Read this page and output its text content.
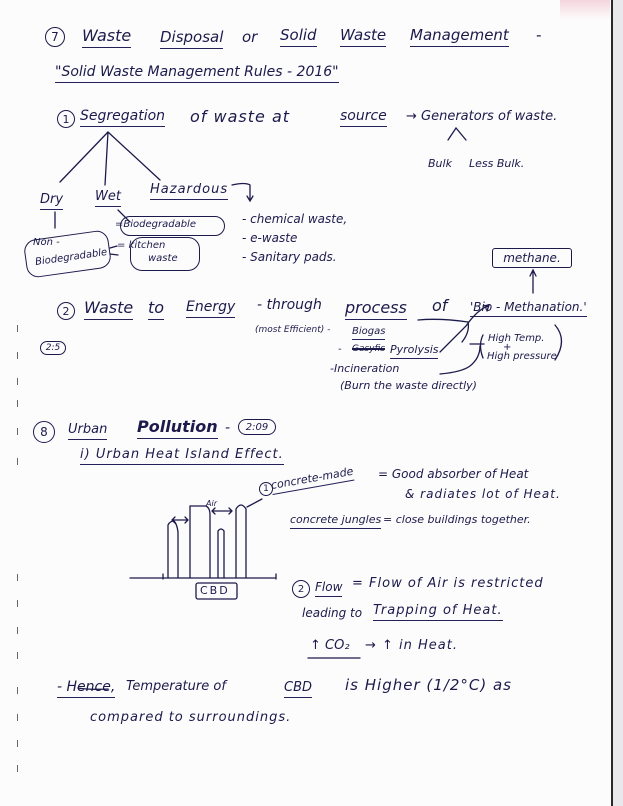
7	Waste Disposal or Solid Waste Management -
"Solid Waste Management Rules - 2016"
1 Segregation of waste at	source → Generators of waste.
Bulk Less Bulk.
Dry Wet Hazardous
Non -
Biodegradable
=Biodegradable
= kitchen
waste
- chemical waste,
- e-waste
- Sanitary pads.	methane.
2 Waste to Energy - through process of 'Bio - Methanation.'
2:5
(most Efficient) - Biogas
- Gasyfis Pyrolysis
-Incineration
(Burn the waste directly)
High Temp.
+
High pressure
8	Urban Pollution -	2:09
i) Urban Heat Island Effect.
1 concrete-made = Good absorber of Heat
& radiates lot of Heat.
concrete jungles = close buildings together.
Air
CBD	2 Flow = Flow of Air is restricted
leading to Trapping of Heat.
↑ CO₂ → ↑ in Heat.
- Hence, Temperature of	CBD is Higher (1/2°C) as
compared to surroundings.
